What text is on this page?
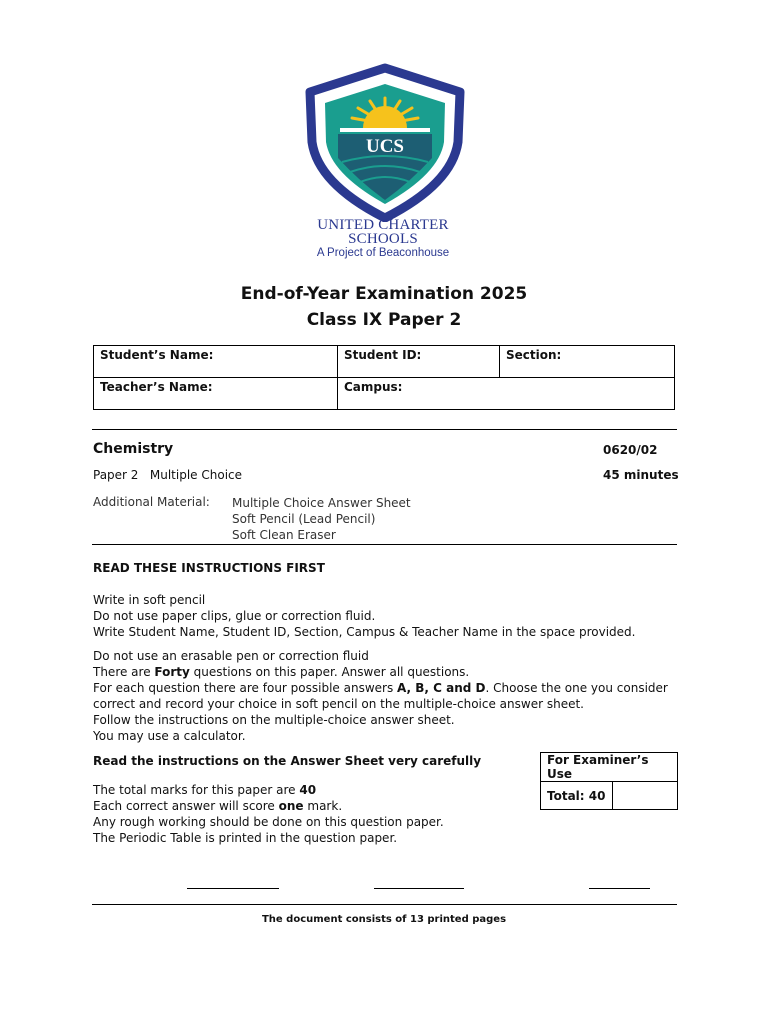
UCS
UNITED CHARTER
SCHOOLS
A Project of Beaconhouse
End-of-Year Examination 2025
Class IX Paper 2
Student’s Name:	Student ID:	Section:
Teacher’s Name:	Campus:	
Chemistry	0620/02
Paper 2 Multiple Choice	45 minutes
Additional Material: Multiple Choice Answer Sheet
Soft Pencil (Lead Pencil)
Soft Clean Eraser
READ THESE INSTRUCTIONS FIRST

Write in soft pencil

Do not use paper clips, glue or correction fluid.

Write Student Name, Student ID, Section, Campus & Teacher Name in the space provided.

Do not use an erasable pen or correction fluid

There are Forty questions on this paper. Answer all questions.

For each question there are four possible answers A, B, C and D. Choose the one you consider

correct and record your choice in soft pencil on the multiple-choice answer sheet.

Follow the instructions on the multiple-choice answer sheet.

You may use a calculator.

Read the instructions on the Answer Sheet very carefully

The total marks for this paper are 40

Each correct answer will score one mark.

Any rough working should be done on this question paper.

The Periodic Table is printed in the question paper.

For Examiner’s Use
Total: 40	
The document consists of 13 printed pages
